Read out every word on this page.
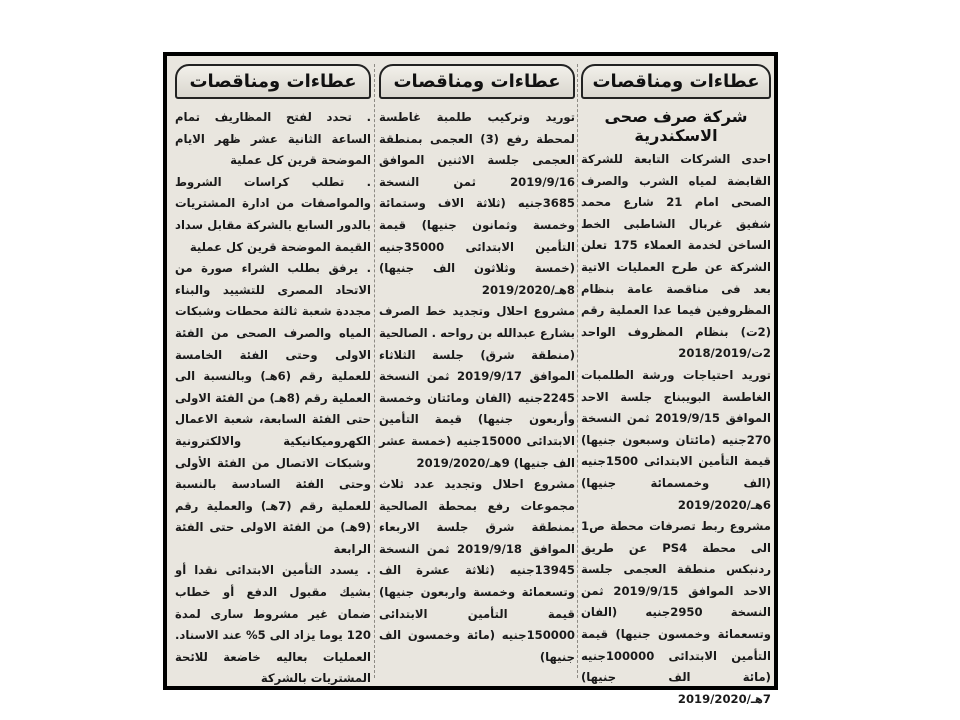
عطاءات ومناقصات
شركة صرف صحى الاسكندرية

احدى الشركات التابعة للشركة القابضة لمياه الشرب والصرف الصحى امام 21 شارع محمد شفيق غربال الشاطبى الخط الساخن لخدمة العملاء 175 تعلن الشركة عن طرح العمليات الاتية بعد فى مناقصة عامة بنظام المظروفين فيما عدا العملية رقم (2ت) بنظام المظروف الواحد 2ت/2018/2019

توريد احتياجات ورشة الطلمبات الغاطسة البويبناج جلسة الاحد الموافق 2019/9/15 ثمن النسخة 270جنيه (مائتان وسبعون جنيها) قيمة التأمين الابتدائى 1500جنيه (الف وخمسمائة جنيها) 6هـ/2019/2020

مشروع ربط تصرفات محطة ص1 الى محطة PS4 عن طريق ردنبكس منطقة العجمى جلسة الاحد الموافق 2019/9/15 ثمن النسخة 2950جنيه (الفان وتسعمائة وخمسون جنيها) قيمة التأمين الابتدائى 100000جنيه (مائة الف جنيها) 7هـ/2019/2020

عطاءات ومناقصات

توريد وتركيب طلمبة غاطسة لمحطة رفع (3) العجمى بمنطقة العجمى جلسة الاثنين الموافق 2019/9/16 ثمن النسخة 3685جنيه (ثلاثة الاف وستمائة وخمسة وثمانون جنيها) قيمة التأمين الابتدائى 35000جنيه (خمسة وثلاثون الف جنيها) 8هـ/2019/2020

مشروع احلال وتجديد خط الصرف بشارع عبدالله بن رواحه . الصالحية (منطقة شرق) جلسة الثلاثاء الموافق 2019/9/17 ثمن النسخة 2245جنيه (الفان ومائتان وخمسة وأربعون جنيها) قيمة التأمين الابتدائى 15000جنيه (خمسة عشر الف جنيها) 9هـ/2019/2020

مشروع احلال وتجديد عدد ثلاث مجموعات رفع بمحطة الصالحية بمنطقة شرق جلسة الاربعاء الموافق 2019/9/18 ثمن النسخة 13945جنيه (ثلاثة عشرة الف وتسعمائة وخمسة واربعون جنيها) قيمة التأمين الابتدائى 150000جنيه (مائة وخمسون الف جنيها)

عطاءات ومناقصات

. تحدد لفتح المظاريف تمام الساعة الثانية عشر ظهر الايام الموضحة قرين كل عملية

. تطلب كراسات الشروط والمواصفات من ادارة المشتريات بالدور السابع بالشركة مقابل سداد القيمة الموضحة قرين كل عملية

. يرفق بطلب الشراء صورة من الاتحاد المصرى للتشييد والبناء مجددة شعبة ثالثة محطات وشبكات المياه والصرف الصحى من الفئة الاولى وحتى الفئة الخامسة للعملية رقم (6هـ) وبالنسبة الى العملية رقم (8هـ) من الفئة الاولى حتى الفئة السابعة، شعبة الاعمال الكهروميكانيكية والالكترونية وشبكات الاتصال من الفئة الأولى وحتى الفئة السادسة بالنسبة للعملية رقم (7هـ) والعملية رقم (9هـ) من الفئة الاولى حتى الفئة الرابعة

. يسدد التأمين الابتدائى نقدا أو بشيك مقبول الدفع أو خطاب ضمان غير مشروط سارى لمدة 120 يوما يزاد الى 5% عند الاسناد. العمليات بعاليه خاضعة للائحة المشتريات بالشركة
